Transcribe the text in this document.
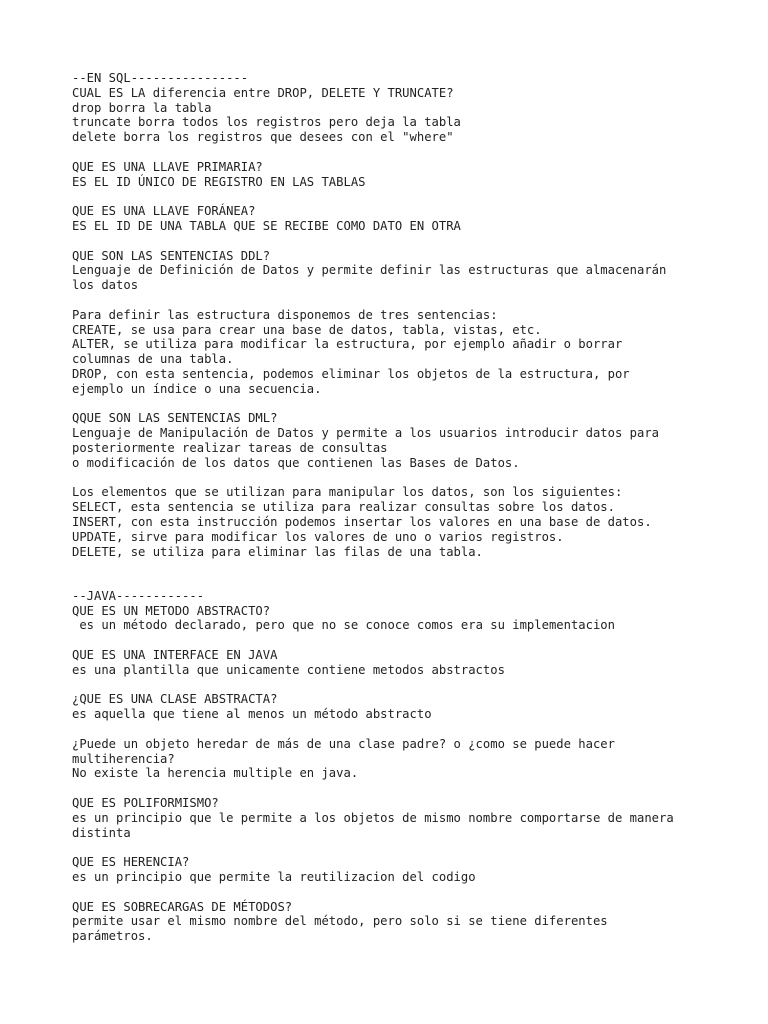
--EN SQL----------------
CUAL ES LA diferencia entre DROP, DELETE Y TRUNCATE?
drop borra la tabla
truncate borra todos los registros pero deja la tabla
delete borra los registros que desees con el "where"
QUE ES UNA LLAVE PRIMARIA?
ES EL ID ÚNICO DE REGISTRO EN LAS TABLAS
QUE ES UNA LLAVE FORÁNEA?
ES EL ID DE UNA TABLA QUE SE RECIBE COMO DATO EN OTRA
QUE SON LAS SENTENCIAS DDL?
Lenguaje de Definición de Datos y permite definir las estructuras que almacenarán
los datos
Para definir las estructura disponemos de tres sentencias:
CREATE, se usa para crear una base de datos, tabla, vistas, etc.
ALTER, se utiliza para modificar la estructura, por ejemplo añadir o borrar
columnas de una tabla.
DROP, con esta sentencia, podemos eliminar los objetos de la estructura, por
ejemplo un índice o una secuencia.
QQUE SON LAS SENTENCIAS DML?
Lenguaje de Manipulación de Datos y permite a los usuarios introducir datos para
posteriormente realizar tareas de consultas
o modificación de los datos que contienen las Bases de Datos.
Los elementos que se utilizan para manipular los datos, son los siguientes:
SELECT, esta sentencia se utiliza para realizar consultas sobre los datos.
INSERT, con esta instrucción podemos insertar los valores en una base de datos.
UPDATE, sirve para modificar los valores de uno o varios registros.
DELETE, se utiliza para eliminar las filas de una tabla.
--JAVA------------
QUE ES UN METODO ABSTRACTO?
es un método declarado, pero que no se conoce comos era su implementacion
QUE ES UNA INTERFACE EN JAVA
es una plantilla que unicamente contiene metodos abstractos
¿QUE ES UNA CLASE ABSTRACTA?
es aquella que tiene al menos un método abstracto
¿Puede un objeto heredar de más de una clase padre? o ¿como se puede hacer
multiherencia?
No existe la herencia multiple en java.
QUE ES POLIFORMISMO?
es un principio que le permite a los objetos de mismo nombre comportarse de manera
distinta
QUE ES HERENCIA?
es un principio que permite la reutilizacion del codigo
QUE ES SOBRECARGAS DE MÉTODOS?
permite usar el mismo nombre del método, pero solo si se tiene diferentes
parámetros.
